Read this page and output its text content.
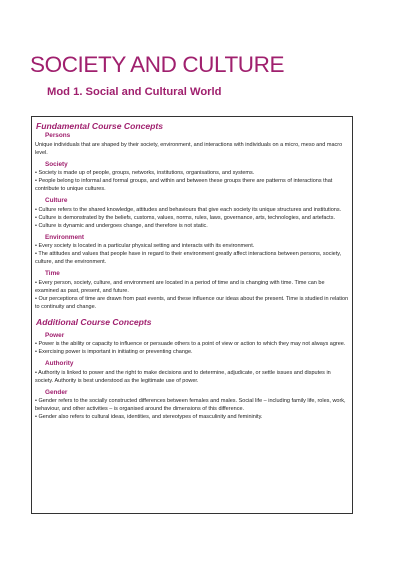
SOCIETY AND CULTURE
Mod 1. Social and Cultural World
Fundamental Course Concepts
Persons
Unique individuals that are shaped by their society, environment, and interactions with individuals on a micro, meso and macro level.
Society
• Society is made up of people, groups, networks, institutions, organisations, and systems.
• People belong to informal and formal groups, and within and between these groups there are patterns of interactions that contribute to unique cultures.
Culture
• Culture refers to the shared knowledge, attitudes and behaviours that give each society its unique structures and institutions.
• Culture is demonstrated by the beliefs, customs, values, norms, rules, laws, governance, arts, technologies, and artefacts.
• Culture is dynamic and undergoes change, and therefore is not static.
Environment
• Every society is located in a particular physical setting and interacts with its environment.
• The attitudes and values that people have in regard to their environment greatly affect interactions between persons, society, culture, and the environment.
Time
• Every person, society, culture, and environment are located in a period of time and is changing with time. Time can be examined as past, present, and future.
• Our perceptions of time are drawn from past events, and these influence our ideas about the present. Time is studied in relation to continuity and change.
Additional Course Concepts
Power
• Power is the ability or capacity to influence or persuade others to a point of view or action to which they may not always agree.
• Exercising power is important in initiating or preventing change.
Authority
• Authority is linked to power and the right to make decisions and to determine, adjudicate, or settle issues and disputes in society. Authority is best understood as the legitimate use of power.
Gender
• Gender refers to the socially constructed differences between females and males. Social life – including family life, roles, work, behaviour, and other activities – is organised around the dimensions of this difference.
• Gender also refers to cultural ideas, identities, and stereotypes of masculinity and femininity.
